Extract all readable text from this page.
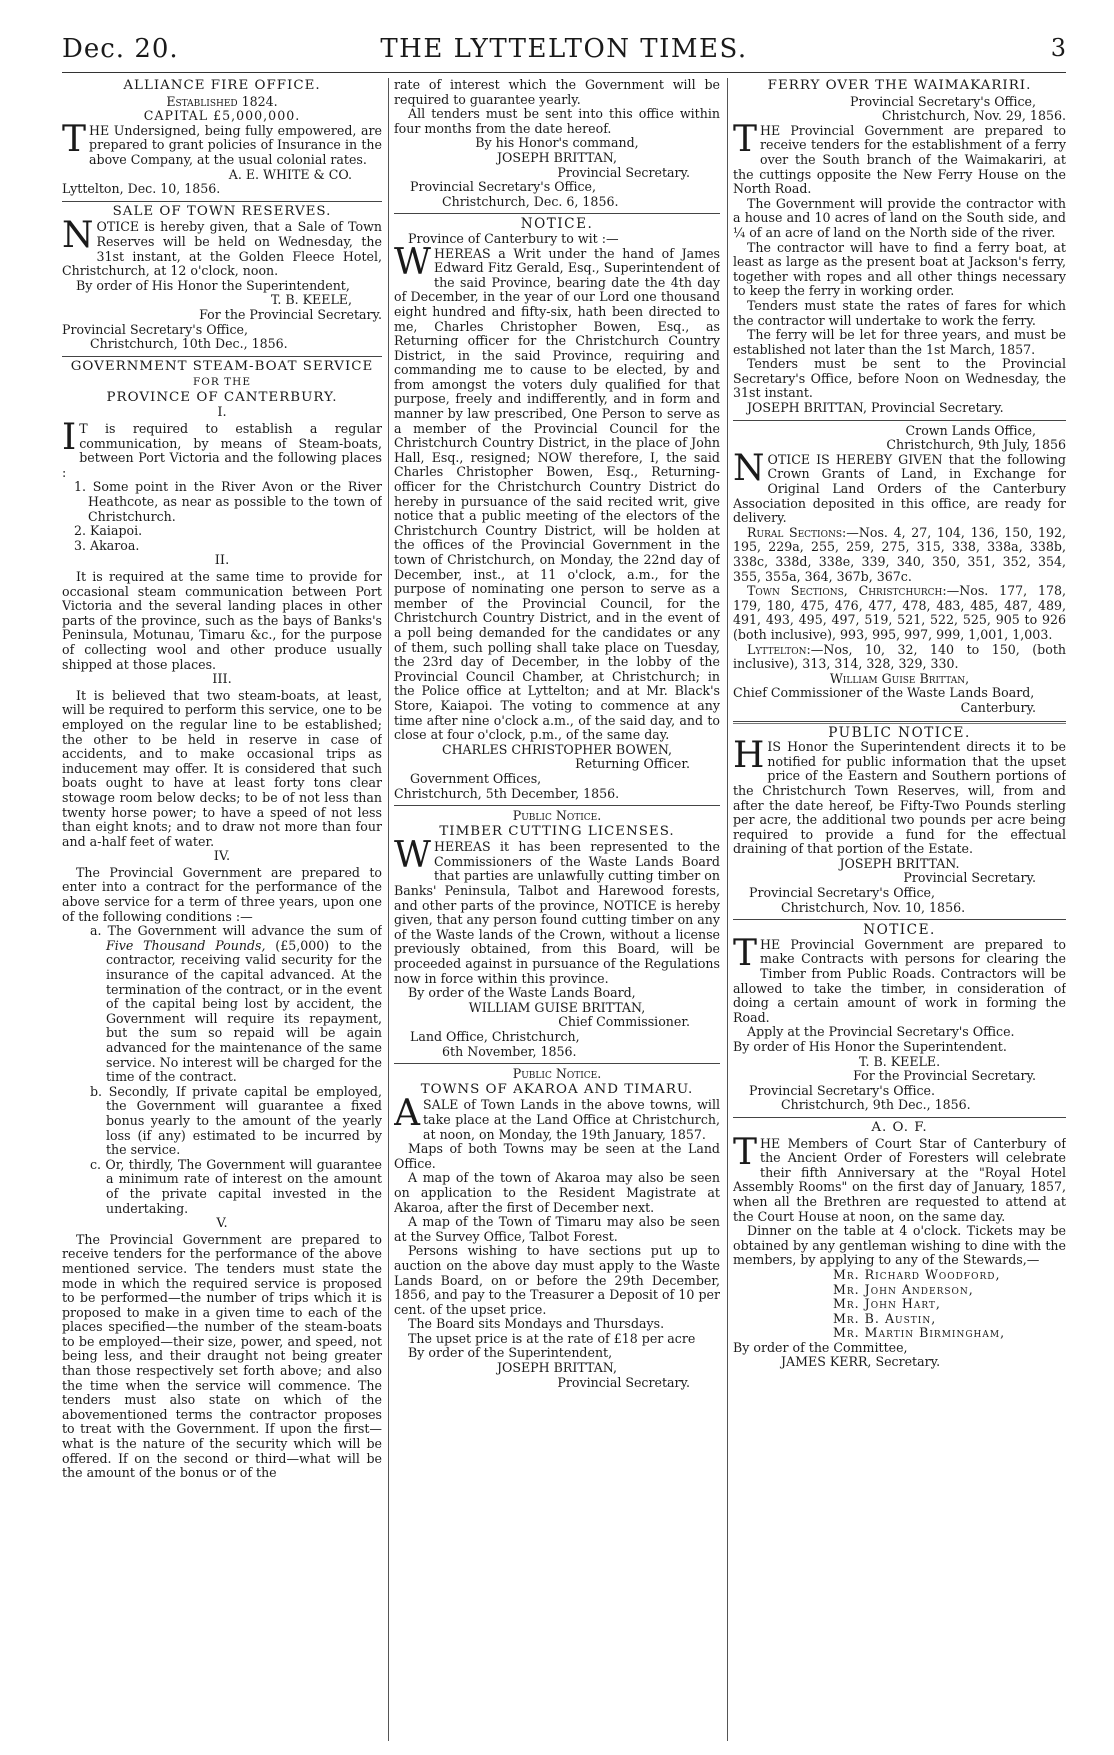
Dec. 20.	THE LYTTELTON TIMES.	3
ALLIANCE FIRE OFFICE.
Established 1824.
CAPITAL £5,000,000.

THE Undersigned, being fully empowered, are prepared to grant policies of Insurance in the above Company, at the usual colonial rates.

A. E. WHITE & CO.
Lyttelton, Dec. 10, 1856.
SALE OF TOWN RESERVES.

NOTICE is hereby given, that a Sale of Town Reserves will be held on Wednesday, the 31st instant, at the Golden Fleece Hotel, Christchurch, at 12 o'clock, noon.

By order of His Honor the Superintendent,
T. B. KEELE,
For the Provincial Secretary.
Provincial Secretary's Office,
Christchurch, 10th Dec., 1856.
GOVERNMENT STEAM-BOAT SERVICE
FOR THE
PROVINCE OF CANTERBURY.
I.

I T is required to establish a regular communication, by means of Steam-boats, between Port Victoria and the following places :

1. Some point in the River Avon or the River Heathcote, as near as possible to the town of Christchurch.
2. Kaiapoi.
3. Akaroa.
II.

It is required at the same time to provide for occasional steam communication between Port Victoria and the several landing places in other parts of the province, such as the bays of Banks's Peninsula, Motunau, Timaru &c., for the purpose of collecting wool and other produce usually shipped at those places.

III.

It is believed that two steam-boats, at least, will be required to perform this service, one to be employed on the regular line to be established; the other to be held in reserve in case of accidents, and to make occasional trips as inducement may offer. It is considered that such boats ought to have at least forty tons clear stowage room below decks; to be of not less than twenty horse power; to have a speed of not less than eight knots; and to draw not more than four and a-half feet of water.

IV.

The Provincial Government are prepared to enter into a contract for the performance of the above service for a term of three years, upon one of the following conditions :—

a. The Government will advance the sum of Five Thousand Pounds, (£5,000) to the contractor, receiving valid security for the insurance of the capital advanced. At the termination of the contract, or in the event of the capital being lost by accident, the Government will require its repayment, but the sum so repaid will be again advanced for the maintenance of the same service. No interest will be charged for the time of the contract.
b. Secondly, If private capital be employed, the Government will guarantee a fixed bonus yearly to the amount of the yearly loss (if any) estimated to be incurred by the service.
c. Or, thirdly, The Government will guarantee a minimum rate of interest on the amount of the private capital invested in the undertaking.
V.

The Provincial Government are prepared to receive tenders for the performance of the above mentioned service. The tenders must state the mode in which the required service is proposed to be performed—the number of trips which it is proposed to make in a given time to each of the places specified—the number of the steam-boats to be employed—their size, power, and speed, not being less, and their draught not being greater than those respectively set forth above; and also the time when the service will commence. The tenders must also state on which of the abovementioned terms the contractor proposes to treat with the Government. If upon the first—what is the nature of the security which will be offered. If on the second or third—what will be the amount of the bonus or of the

rate of interest which the Government will be required to guarantee yearly.

All tenders must be sent into this office within four months from the date hereof.

By his Honor's command,
JOSEPH BRITTAN,
Provincial Secretary.
Provincial Secretary's Office,
Christchurch, Dec. 6, 1856.
NOTICE.
Province of Canterbury to wit :—

WHEREAS a Writ under the hand of James Edward Fitz Gerald, Esq., Superintendent of the said Province, bearing date the 4th day of December, in the year of our Lord one thousand eight hundred and fifty-six, hath been directed to me, Charles Christopher Bowen, Esq., as Returning officer for the Christchurch Country District, in the said Province, requiring and commanding me to cause to be elected, by and from amongst the voters duly qualified for that purpose, freely and indifferently, and in form and manner by law prescribed, One Person to serve as a member of the Provincial Council for the Christchurch Country District, in the place of John Hall, Esq., resigned; NOW therefore, I, the said Charles Christopher Bowen, Esq., Returning-officer for the Christchurch Country District do hereby in pursuance of the said recited writ, give notice that a public meeting of the electors of the Christchurch Country District, will be holden at the offices of the Provincial Government in the town of Christchurch, on Monday, the 22nd day of December, inst., at 11 o'clock, a.m., for the purpose of nominating one person to serve as a member of the Provincial Council, for the Christchurch Country District, and in the event of a poll being demanded for the candidates or any of them, such polling shall take place on Tuesday, the 23rd day of December, in the lobby of the Provincial Council Chamber, at Christchurch; in the Police office at Lyttelton; and at Mr. Black's Store, Kaiapoi. The voting to commence at any time after nine o'clock a.m., of the said day, and to close at four o'clock, p.m., of the same day.

CHARLES CHRISTOPHER BOWEN,
Returning Officer.
Government Offices,
Christchurch, 5th December, 1856.
Public Notice.
TIMBER CUTTING LICENSES.

WHEREAS it has been represented to the Commissioners of the Waste Lands Board that parties are unlawfully cutting timber on Banks' Peninsula, Talbot and Harewood forests, and other parts of the province, NOTICE is hereby given, that any person found cutting timber on any of the Waste lands of the Crown, without a license previously obtained, from this Board, will be proceeded against in pursuance of the Regulations now in force within this province.

By order of the Waste Lands Board,
WILLIAM GUISE BRITTAN,
Chief Commissioner.
Land Office, Christchurch,
6th November, 1856.
Public Notice.
TOWNS OF AKAROA AND TIMARU.

ASALE of Town Lands in the above towns, will take place at the Land Office at Christchurch, at noon, on Monday, the 19th January, 1857.

Maps of both Towns may be seen at the Land Office.

A map of the town of Akaroa may also be seen on application to the Resident Magistrate at Akaroa, after the first of December next.

A map of the Town of Timaru may also be seen at the Survey Office, Talbot Forest.

Persons wishing to have sections put up to auction on the above day must apply to the Waste Lands Board, on or before the 29th December, 1856, and pay to the Treasurer a Deposit of 10 per cent. of the upset price.

The Board sits Mondays and Thursdays.

The upset price is at the rate of £18 per acre

By order of the Superintendent,
JOSEPH BRITTAN,
Provincial Secretary.
FERRY OVER THE WAIMAKARIRI.
Provincial Secretary's Office,
Christchurch, Nov. 29, 1856.

THE Provincial Government are prepared to receive tenders for the establishment of a ferry over the South branch of the Waimakariri, at the cuttings opposite the New Ferry House on the North Road.

The Government will provide the contractor with a house and 10 acres of land on the South side, and ¼ of an acre of land on the North side of the river.

The contractor will have to find a ferry boat, at least as large as the present boat at Jackson's ferry, together with ropes and all other things necessary to keep the ferry in working order.

Tenders must state the rates of fares for which the contractor will undertake to work the ferry.

The ferry will be let for three years, and must be established not later than the 1st March, 1857.

Tenders must be sent to the Provincial Secretary's Office, before Noon on Wednesday, the 31st instant.

JOSEPH BRITTAN, Provincial Secretary.
Crown Lands Office,
Christchurch, 9th July, 1856

NOTICE IS HEREBY GIVEN that the following Crown Grants of Land, in Exchange for Original Land Orders of the Canterbury Association deposited in this office, are ready for delivery.

Rural Sections:—Nos. 4, 27, 104, 136, 150, 192, 195, 229a, 255, 259, 275, 315, 338, 338a, 338b, 338c, 338d, 338e, 339, 340, 350, 351, 352, 354, 355, 355a, 364, 367b, 367c.

Town Sections, Christchurch:—Nos. 177, 178, 179, 180, 475, 476, 477, 478, 483, 485, 487, 489, 491, 493, 495, 497, 519, 521, 522, 525, 905 to 926 (both inclusive), 993, 995, 997, 999, 1,001, 1,003.

Lyttelton:—Nos, 10, 32, 140 to 150, (both inclusive), 313, 314, 328, 329, 330.

William Guise Brittan,
Chief Commissioner of the Waste Lands Board,
Canterbury.
PUBLIC NOTICE.

HIS Honor the Superintendent directs it to be notified for public information that the upset price of the Eastern and Southern portions of the Christchurch Town Reserves, will, from and after the date hereof, be Fifty-Two Pounds sterling per acre, the additional two pounds per acre being required to provide a fund for the effectual draining of that portion of the Estate.

JOSEPH BRITTAN.
Provincial Secretary.
Provincial Secretary's Office,
Christchurch, Nov. 10, 1856.
NOTICE.

THE Provincial Government are prepared to make Contracts with persons for clearing the Timber from Public Roads. Contractors will be allowed to take the timber, in consideration of doing a certain amount of work in forming the Road.

Apply at the Provincial Secretary's Office.
By order of His Honor the Superintendent.
T. B. KEELE.
For the Provincial Secretary.
Provincial Secretary's Office.
Christchurch, 9th Dec., 1856.
A. O. F.

THE Members of Court Star of Canterbury of the Ancient Order of Foresters will celebrate their fifth Anniversary at the "Royal Hotel Assembly Rooms" on the first day of January, 1857, when all the Brethren are requested to attend at the Court House at noon, on the same day.

Dinner on the table at 4 o'clock. Tickets may be obtained by any gentleman wishing to dine with the members, by applying to any of the Stewards,—

Mr. Richard Woodford,
Mr. John Anderson,
Mr. John Hart,
Mr. B. Austin,
Mr. Martin Birmingham,
By order of the Committee,
JAMES KERR, Secretary.
